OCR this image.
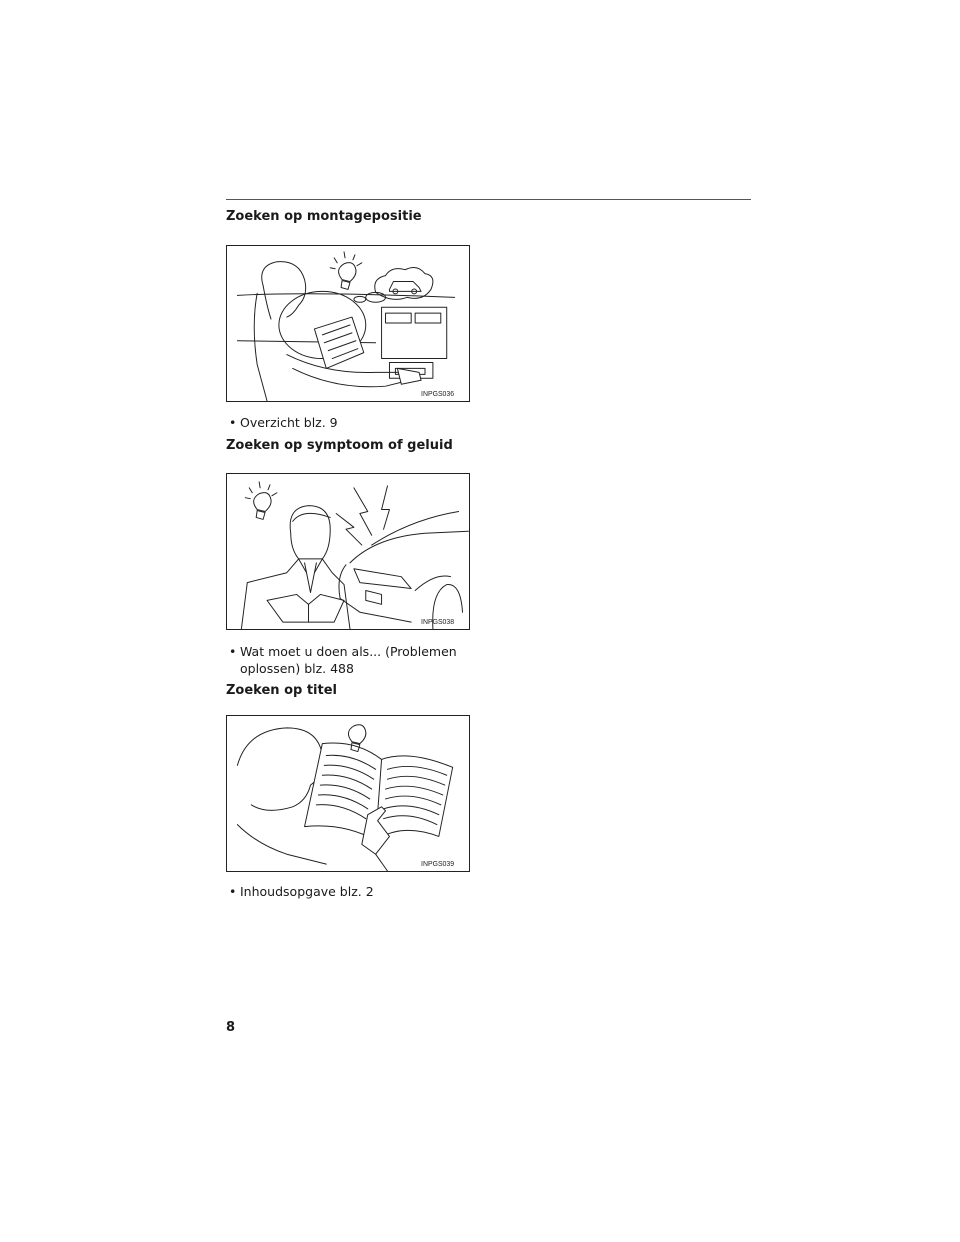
Zoeken op montagepositie
INPGS036
• Overzicht blz. 9
Zoeken op symptoom of geluid
INPGS038
• Wat moet u doen als... (Problemen oplossen) blz. 488
Zoeken op titel
INPGS039
• Inhoudsopgave blz. 2
8
